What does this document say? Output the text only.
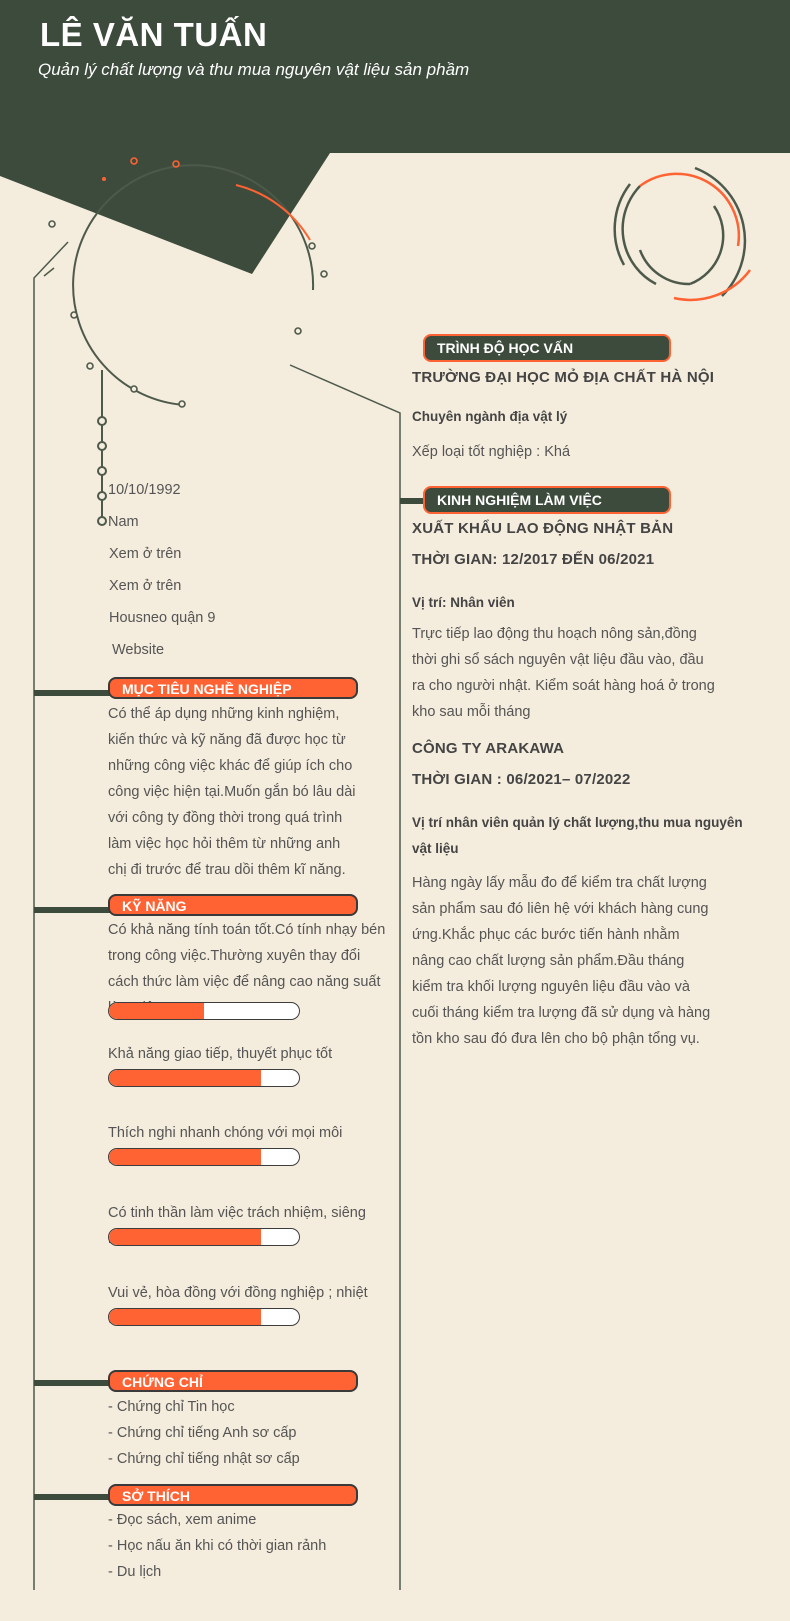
LÊ VĂN TUẤN
Quản lý chất lượng và thu mua nguyên vật liệu sản phầm
10/10/1992
Nam
Xem ở trên
Xem ở trên
Housneo quận 9
Website
MỤC TIÊU NGHỀ NGHIỆP
Có thể áp dụng những kinh nghiệm,
kiến thức và kỹ năng đã được học từ
những công việc khác để giúp ích cho
công việc hiện tại.Muốn gắn bó lâu dài
với công ty đồng thời trong quá trình
làm việc học hỏi thêm từ những anh
chị đi trước để trau dồi thêm kĩ năng.
KỸ NĂNG
Có khả năng tính toán tốt.Có tính nhạy bén
trong công việc.Thường xuyên thay đổi
cách thức làm việc để nâng cao năng suất
Khả năng giao tiếp, thuyết phục tốt
Thích nghi nhanh chóng với mọi môi
Có tinh thần làm việc trách nhiệm, siêng
Vui vẻ, hòa đồng với đồng nghiệp ; nhiệt
CHỨNG CHỈ
- Chứng chỉ Tin học
- Chứng chỉ tiếng Anh sơ cấp
- Chứng chỉ tiếng nhật sơ cấp
SỞ THÍCH
- Đọc sách, xem anime
- Học nấu ăn khi có thời gian rảnh
- Du lịch
TRÌNH ĐỘ HỌC VẤN
TRƯỜNG ĐẠI HỌC MỎ ĐỊA CHẤT HÀ NỘI
Chuyên ngành địa vật lý
Xếp loại tốt nghiệp : Khá
KINH NGHIỆM LÀM VIỆC
XUẤT KHẨU LAO ĐỘNG NHẬT BẢN
THỜI GIAN: 12/2017 ĐẾN 06/2021
Vị trí: Nhân viên
Trực tiếp lao động thu hoạch nông sản,đồng
thời ghi sổ sách nguyên vật liệu đầu vào, đầu
ra cho người nhật. Kiểm soát hàng hoá ở trong
kho sau mỗi tháng
CÔNG TY ARAKAWA
THỜI GIAN : 06/2021– 07/2022
Vị trí nhân viên quản lý chất lượng,thu mua nguyên
vật liệu
Hàng ngày lấy mẫu đo để kiểm tra chất lượng
sản phẩm sau đó liên hệ với khách hàng cung
ứng.Khắc phục các bước tiến hành nhằm
nâng cao chất lượng sản phẩm.Đầu tháng
kiểm tra khối lượng nguyên liệu đầu vào và
cuối tháng kiểm tra lượng đã sử dụng và hàng
tồn kho sau đó đưa lên cho bộ phận tổng vụ.
